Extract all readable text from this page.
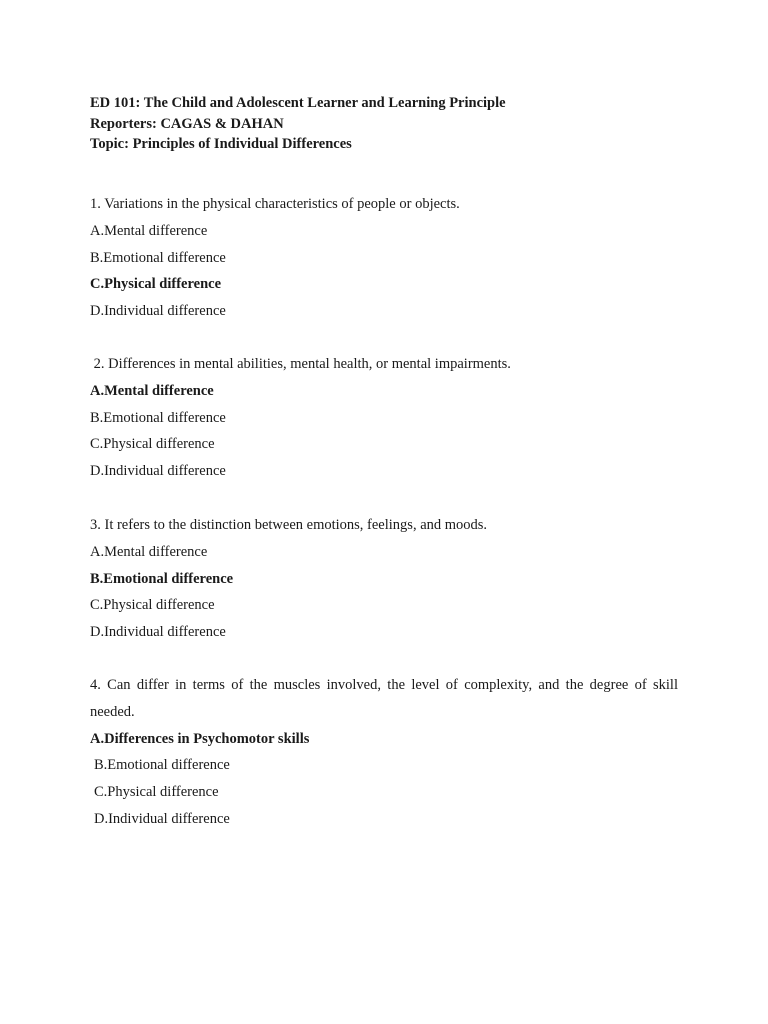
ED 101: The Child and Adolescent Learner and Learning Principle
Reporters: CAGAS & DAHAN
Topic: Principles of Individual Differences
1. Variations in the physical characteristics of people or objects.
A.Mental difference
B.Emotional difference
C.Physical difference
D.Individual difference
2. Differences in mental abilities, mental health, or mental impairments.
A.Mental difference
B.Emotional difference
C.Physical difference
D.Individual difference
3. It refers to the distinction between emotions, feelings, and moods.
A.Mental difference
B.Emotional difference
C.Physical difference
D.Individual difference
4. Can differ in terms of the muscles involved, the level of complexity, and the degree of skill needed.
A.Differences in Psychomotor skills
B.Emotional difference
C.Physical difference
D.Individual difference
